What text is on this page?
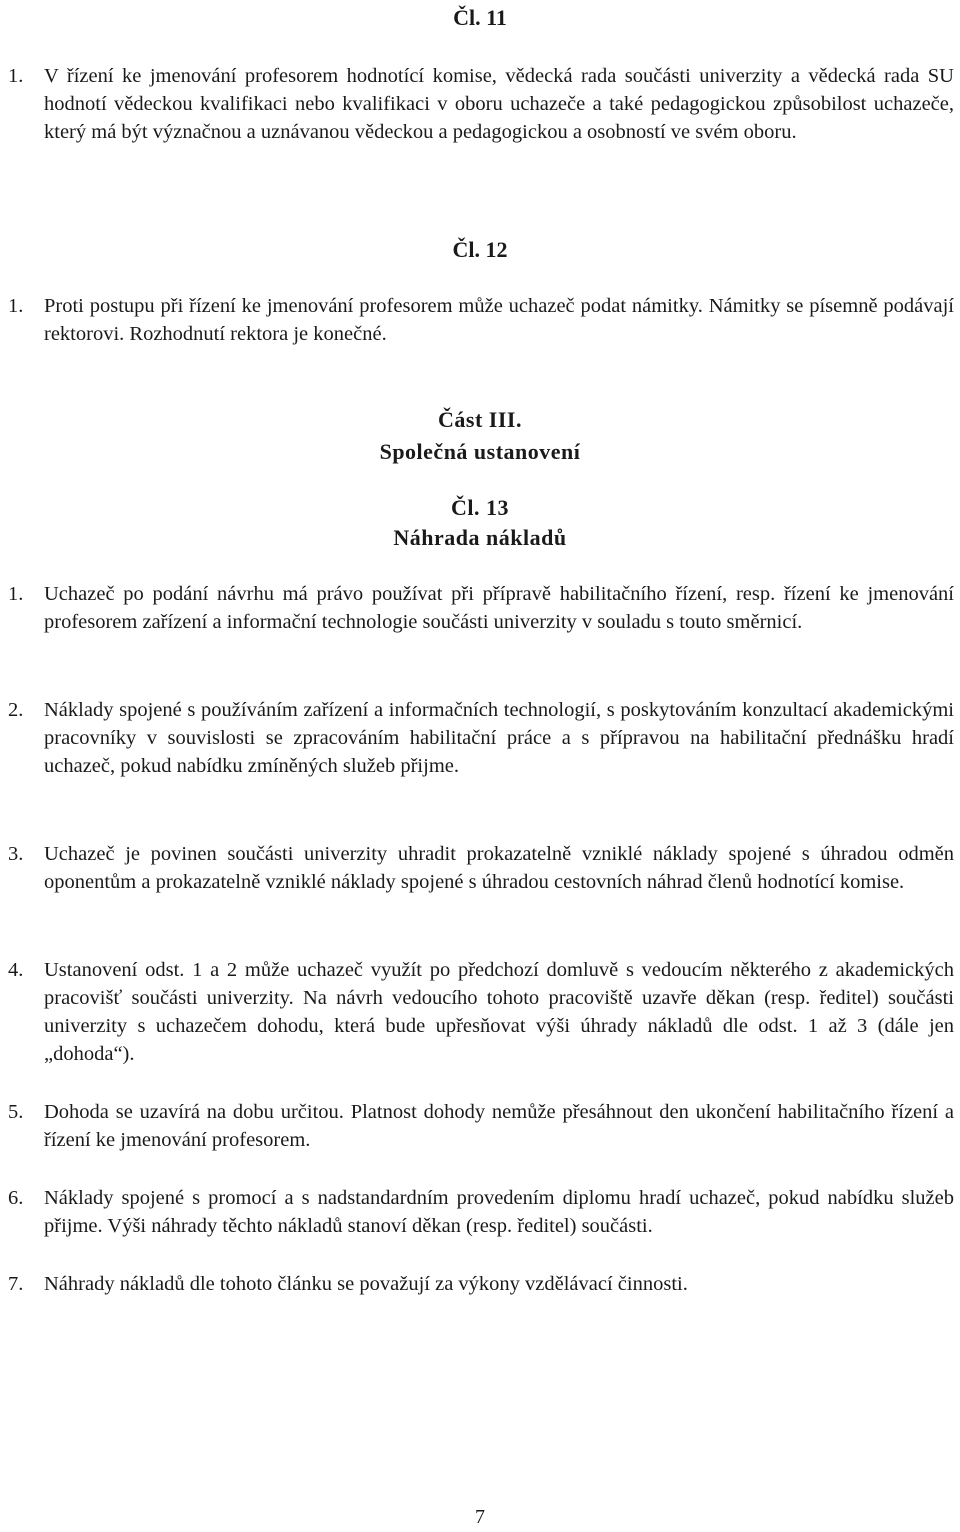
Čl. 11
1.	V řízení ke jmenování profesorem hodnotící komise, vědecká rada součásti univerzity a vědecká rada SU hodnotí vědeckou kvalifikaci nebo kvalifikaci v oboru uchazeče a také pedagogickou způsobilost uchazeče, který má být význačnou a uznávanou vědeckou a pedagogickou a osobností ve svém oboru.
Čl. 12
1.	Proti postupu při řízení ke jmenování profesorem může uchazeč podat námitky. Námitky se písemně podávají rektorovi. Rozhodnutí rektora je konečné.
Část III.
Společná ustanovení
Čl. 13
Náhrada nákladů
1.	Uchazeč po podání návrhu má právo používat při přípravě habilitačního řízení, resp. řízení ke jmenování profesorem zařízení a informační technologie součásti univerzity v souladu s touto směrnicí.
2.	Náklady spojené s používáním zařízení a informačních technologií, s poskytováním konzultací akademickými pracovníky v souvislosti se zpracováním habilitační práce a s přípravou na habilitační přednášku hradí uchazeč, pokud nabídku zmíněných služeb přijme.
3.	Uchazeč je povinen součásti univerzity uhradit prokazatelně vzniklé náklady spojené s úhradou odměn oponentům a prokazatelně vzniklé náklady spojené s úhradou cestovních náhrad členů hodnotící komise.
4.	Ustanovení odst. 1 a 2 může uchazeč využít po předchozí domluvě s vedoucím některého z akademických pracovišť součásti univerzity. Na návrh vedoucího tohoto pracoviště uzavře děkan (resp. ředitel) součásti univerzity s uchazečem dohodu, která bude upřesňovat výši úhrady nákladů dle odst. 1 až 3 (dále jen „dohoda“).
5.	Dohoda se uzavírá na dobu určitou. Platnost dohody nemůže přesáhnout den ukončení habilitačního řízení a řízení ke jmenování profesorem.
6.	Náklady spojené s promocí a s nadstandardním provedením diplomu hradí uchazeč, pokud nabídku služeb přijme. Výši náhrady těchto nákladů stanoví děkan (resp. ředitel) součásti.
7.	Náhrady nákladů dle tohoto článku se považují za výkony vzdělávací činnosti.
7
